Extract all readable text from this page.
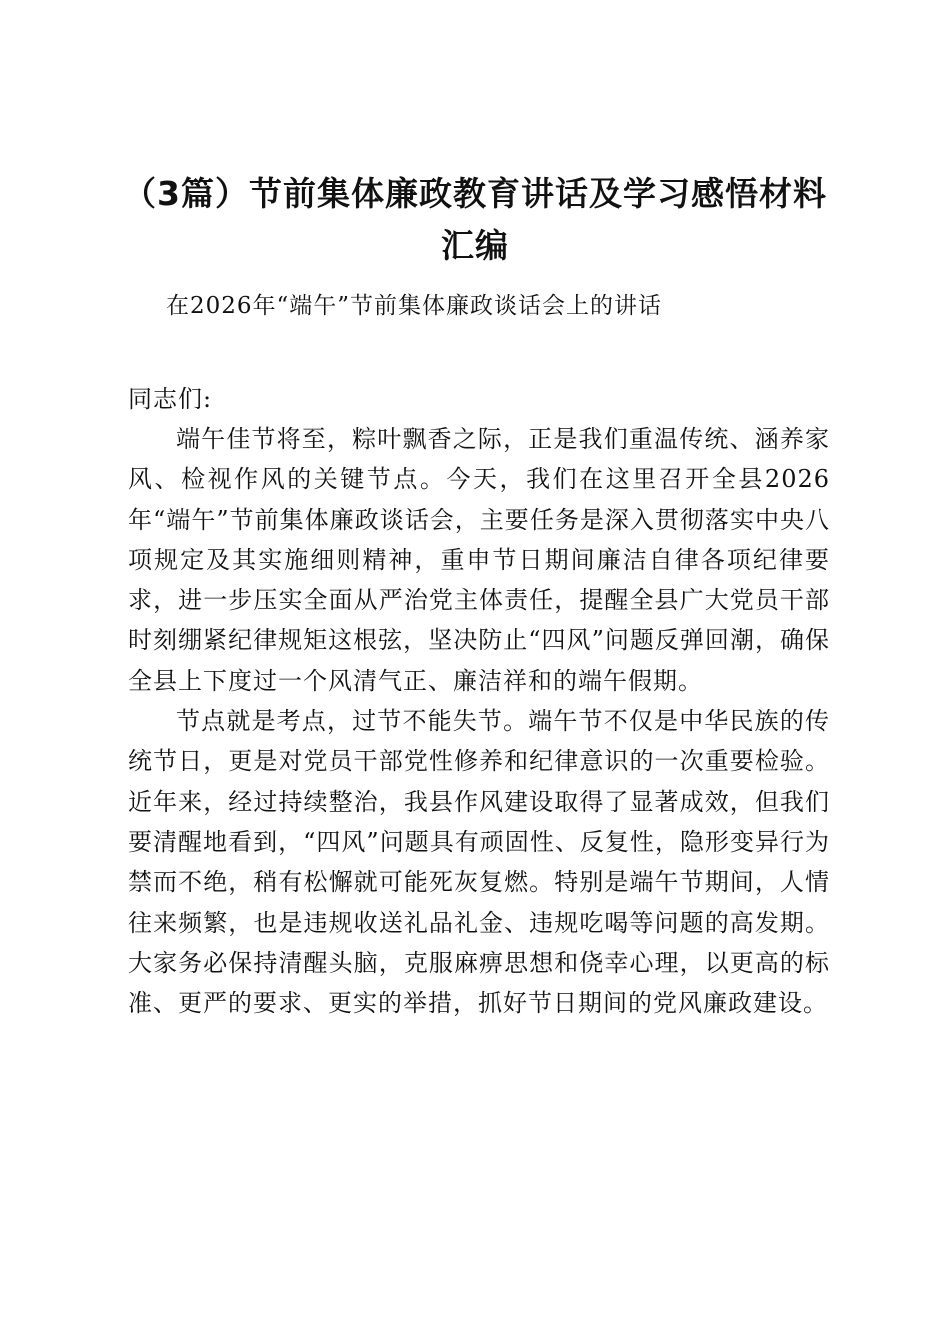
（3篇）节前集体廉政教育讲话及学习感悟材料汇编

在2026年“端午”节前集体廉政谈话会上的讲话

同志们:

端午佳节将至，粽叶飘香之际，正是我们重温传统、涵养家风、检视作风的关键节点。今天，我们在这里召开全县2026年“端午”节前集体廉政谈话会，主要任务是深入贯彻落实中央八项规定及其实施细则精神，重申节日期间廉洁自律各项纪律要求，进一步压实全面从严治党主体责任，提醒全县广大党员干部时刻绷紧纪律规矩这根弦，坚决防止“四风”问题反弹回潮，确保全县上下度过一个风清气正、廉洁祥和的端午假期。

节点就是考点，过节不能失节。端午节不仅是中华民族的传统节日，更是对党员干部党性修养和纪律意识的一次重要检验。近年来，经过持续整治，我县作风建设取得了显著成效，但我们要清醒地看到，“四风”问题具有顽固性、反复性，隐形变异行为禁而不绝，稍有松懈就可能死灰复燃。特别是端午节期间，人情往来频繁，也是违规收送礼品礼金、违规吃喝等问题的高发期。大家务必保持清醒头脑，克服麻痹思想和侥幸心理，以更高的标准、更严的要求、更实的举措，抓好节日期间的党风廉政建设。
